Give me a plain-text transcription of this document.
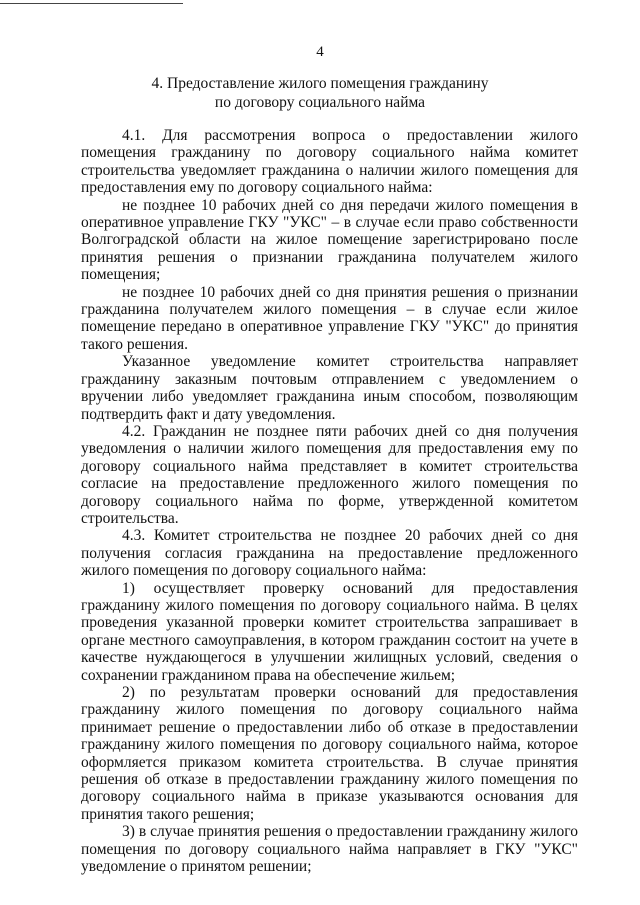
4
4. Предоставление жилого помещения гражданину
по договору социального найма

4.1. Для рассмотрения вопроса о предоставлении жилого помещения гражданину по договору социального найма комитет строительства уведомляет гражданина о наличии жилого помещения для предоставления ему по договору социального найма:

не позднее 10 рабочих дней со дня передачи жилого помещения в оперативное управление ГКУ "УКС" – в случае если право собственности Волгоградской области на жилое помещение зарегистрировано после принятия решения о признании гражданина получателем жилого помещения;

не позднее 10 рабочих дней со дня принятия решения о признании гражданина получателем жилого помещения – в случае если жилое помещение передано в оперативное управление ГКУ "УКС" до принятия такого решения.

Указанное уведомление комитет строительства направляет гражданину заказным почтовым отправлением с уведомлением о вручении либо уведомляет гражданина иным способом, позволяющим подтвердить факт и дату уведомления.

4.2. Гражданин не позднее пяти рабочих дней со дня получения уведомления о наличии жилого помещения для предоставления ему по договору социального найма представляет в комитет строительства согласие на предоставление предложенного жилого помещения по договору социального найма по форме, утвержденной комитетом строительства.

4.3. Комитет строительства не позднее 20 рабочих дней со дня получения согласия гражданина на предоставление предложенного жилого помещения по договору социального найма:

1) осуществляет проверку оснований для предоставления гражданину жилого помещения по договору социального найма. В целях проведения указанной проверки комитет строительства запрашивает в органе местного самоуправления, в котором гражданин состоит на учете в качестве нуждающегося в улучшении жилищных условий, сведения о сохранении гражданином права на обеспечение жильем;

2) по результатам проверки оснований для предоставления гражданину жилого помещения по договору социального найма принимает решение о предоставлении либо об отказе в предоставлении гражданину жилого помещения по договору социального найма, которое оформляется приказом комитета строительства. В случае принятия решения об отказе в предоставлении гражданину жилого помещения по договору социального найма в приказе указываются основания для принятия такого решения;

3) в случае принятия решения о предоставлении гражданину жилого помещения по договору социального найма направляет в ГКУ "УКС" уведомление о принятом решении;
